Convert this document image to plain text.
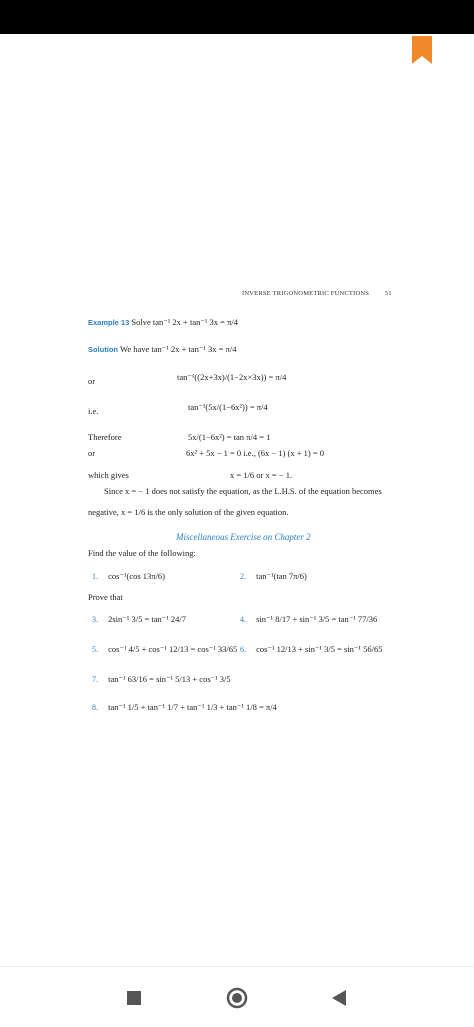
INVERSE TRIGONOMETRIC FUNCTIONS 51
Example 13 Solve tan⁻¹ 2x + tan⁻¹ 3x = π/4
Solution We have tan⁻¹ 2x + tan⁻¹ 3x = π/4
or	tan⁻¹((2x+3x)/(1−2x×3x)) = π/4
i.e.	tan⁻¹(5x/(1−6x²)) = π/4
Therefore	5x/(1−6x²) = tan π/4 = 1
or	6x² + 5x − 1 = 0 i.e., (6x − 1) (x + 1) = 0
which gives	x = 1/6 or x = − 1.
Since x = − 1 does not satisfy the equation, as the L.H.S. of the equation becomes
negative, x = 1/6 is the only solution of the given equation.
Miscellaneous Exercise on Chapter 2
Find the value of the following:
1. cos⁻¹(cos 13π/6)	2. tan⁻¹(tan 7π/6)
Prove that
3. 2sin⁻¹ 3/5 = tan⁻¹ 24/7	4. sin⁻¹ 8/17 + sin⁻¹ 3/5 = tan⁻¹ 77/36
5. cos⁻¹ 4/5 + cos⁻¹ 12/13 = cos⁻¹ 33/65 6. cos⁻¹ 12/13 + sin⁻¹ 3/5 = sin⁻¹ 56/65
7. tan⁻¹ 63/16 = sin⁻¹ 5/13 + cos⁻¹ 3/5
8. tan⁻¹ 1/5 + tan⁻¹ 1/7 + tan⁻¹ 1/3 + tan⁻¹ 1/8 = π/4
